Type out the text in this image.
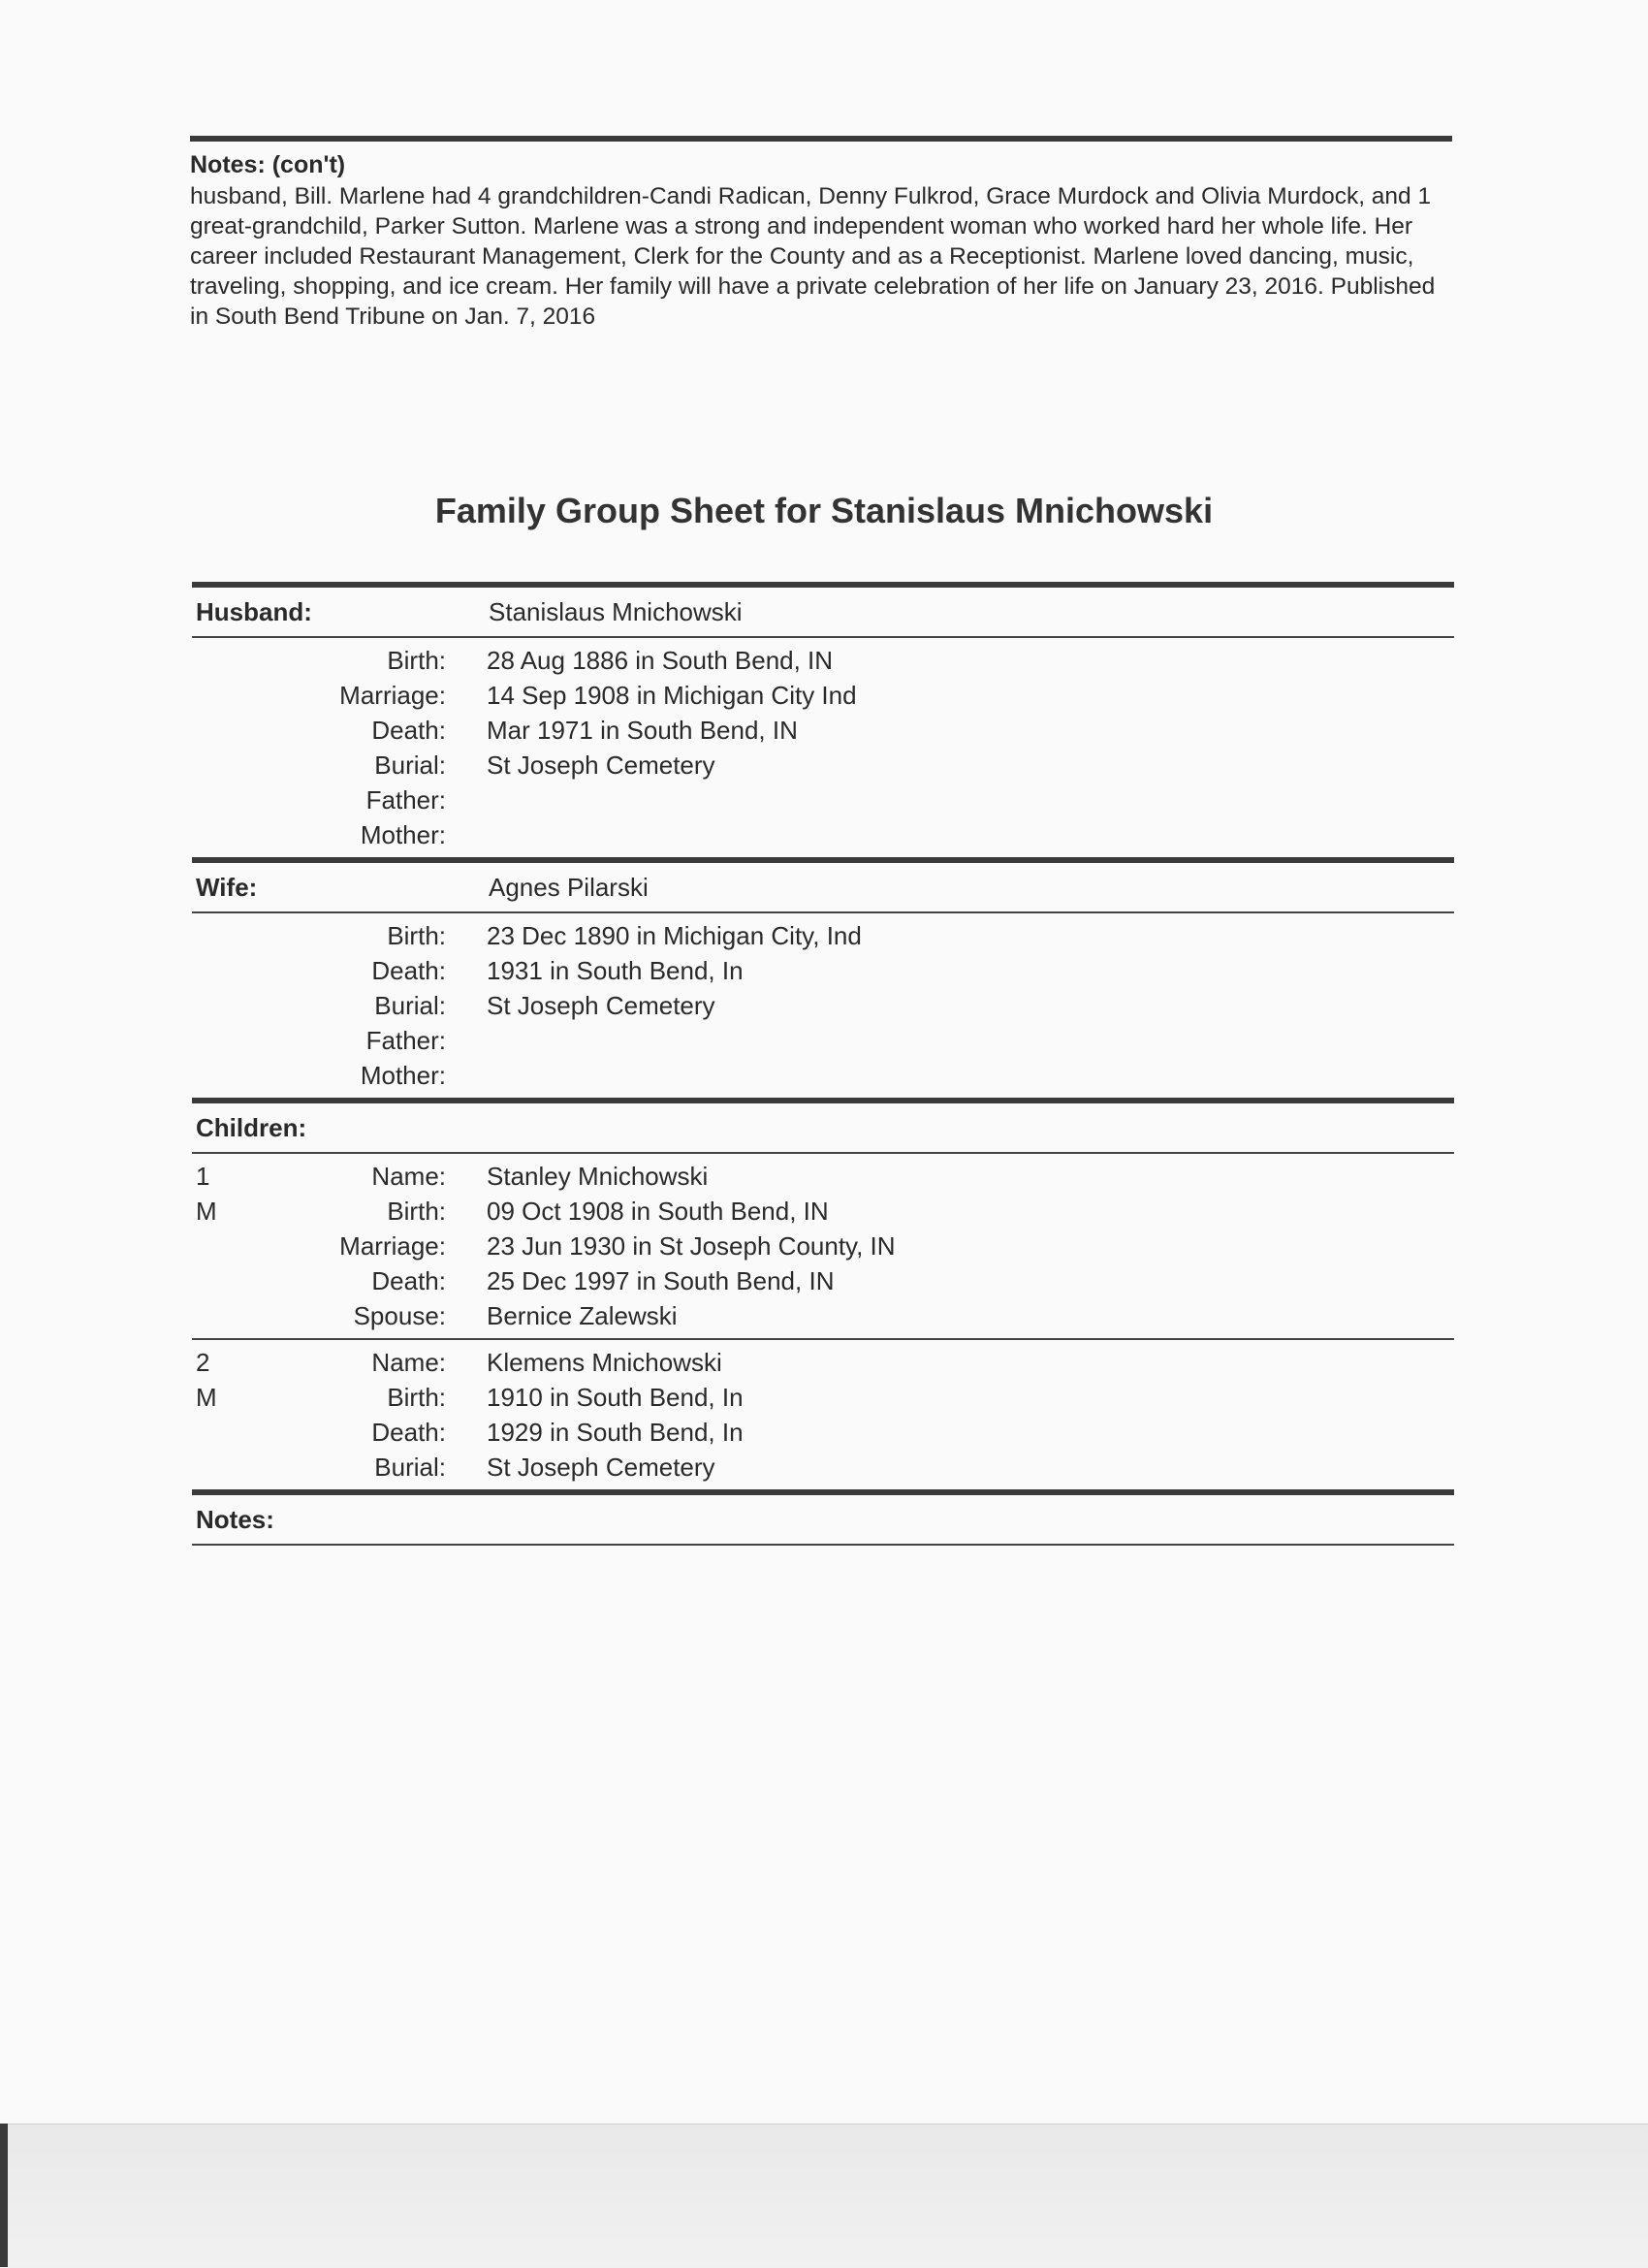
Notes: (con't)
husband, Bill. Marlene had 4 grandchildren-Candi Radican, Denny Fulkrod, Grace Murdock and Olivia Murdock, and 1 great-grandchild, Parker Sutton. Marlene was a strong and independent woman who worked hard her whole life. Her career included Restaurant Management, Clerk for the County and as a Receptionist. Marlene loved dancing, music, traveling, shopping, and ice cream. Her family will have a private celebration of her life on January 23, 2016. Published in South Bend Tribune on Jan. 7, 2016
Family Group Sheet for Stanislaus Mnichowski
Husband:	Stanislaus Mnichowski
Birth: 28 Aug 1886 in South Bend, IN
Marriage: 14 Sep 1908 in Michigan City Ind
Death: Mar 1971 in South Bend, IN
Burial: St Joseph Cemetery
Father:
Mother:
Wife:	Agnes Pilarski
Birth: 23 Dec 1890 in Michigan City, Ind
Death: 1931 in South Bend, In
Burial: St Joseph Cemetery
Father:
Mother:
Children:
1	Name: Stanley Mnichowski
M	Birth: 09 Oct 1908 in South Bend, IN
Marriage: 23 Jun 1930 in St Joseph County, IN
Death: 25 Dec 1997 in South Bend, IN
Spouse: Bernice Zalewski
2	Name: Klemens Mnichowski
M	Birth: 1910 in South Bend, In
Death: 1929 in South Bend, In
Burial: St Joseph Cemetery
Notes:
